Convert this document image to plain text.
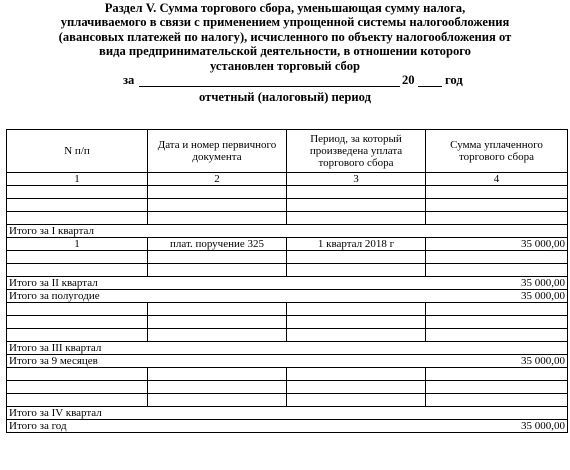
Раздел V. Сумма торгового сбора, уменьшающая сумму налога,
уплачиваемого в связи с применением упрощенной системы налогообложения
(авансовых платежей по налогу), исчисленного по объекту налогообложения от
вида предпринимательской деятельности, в отношении которого
установлен торговый сбор
за	20 год
отчетный (налоговый) период
N п/п	Дата и номер первичного документа	Период, за который произведена уплата торгового сбора	Сумма уплаченного торгового сбора
1	2	3	4

Итого за I квартал			
1	плат. поручение 325	1 квартал 2018 г	35 000,00

Итого за II квартал			35 000,00
Итого за полугодие			35 000,00

Итого за III квартал			
Итого за 9 месяцев			35 000,00

Итого за IV квартал			
Итого за год			35 000,00
